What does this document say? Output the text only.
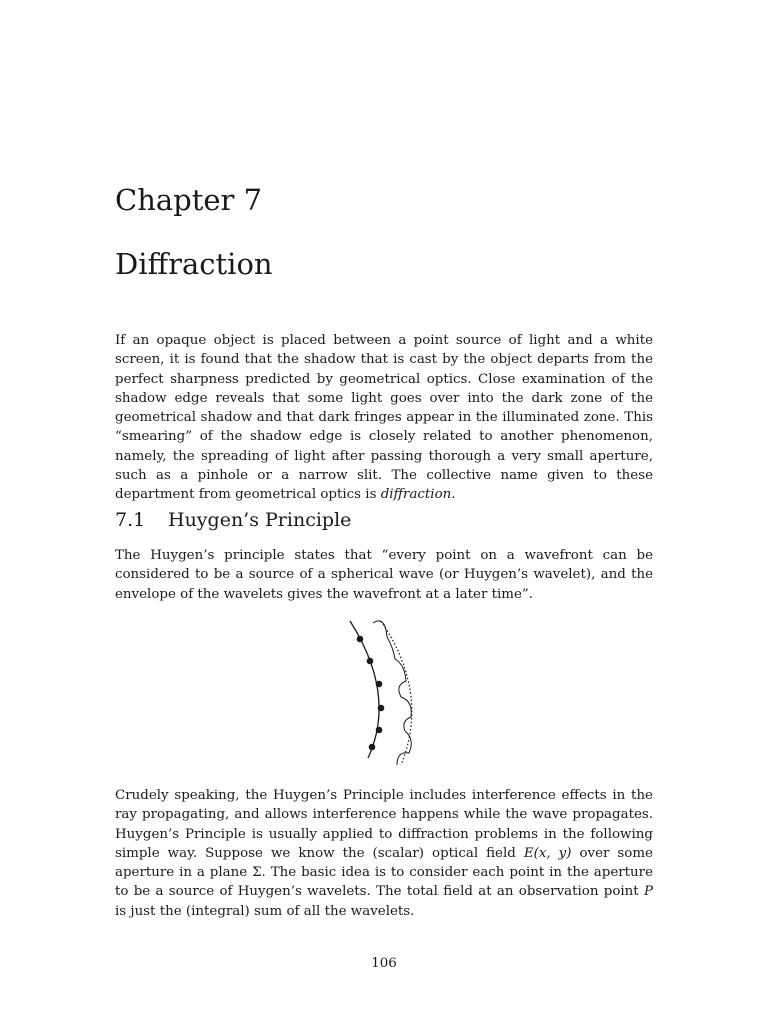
Chapter 7
Diffraction

If an opaque object is placed between a point source of light and a white screen, it is found that the shadow that is cast by the object departs from the perfect sharpness predicted by geometrical optics. Close examination of the shadow edge reveals that some light goes over into the dark zone of the geometrical shadow and that dark fringes appear in the illuminated zone. This “smearing” of the shadow edge is closely related to another phenomenon, namely, the spreading of light after passing thorough a very small aperture, such as a pinhole or a narrow slit. The collective name given to these department from geometrical optics is diffraction.

7.1 Huygen’s Principle

The Huygen’s principle states that “every point on a wavefront can be considered to be a source of a spherical wave (or Huygen’s wavelet), and the envelope of the wavelets gives the wavefront at a later time”.

Crudely speaking, the Huygen’s Principle includes interference effects in the ray propagating, and allows interference happens while the wave propagates. Huygen’s Principle is usually applied to diffraction problems in the following simple way. Suppose we know the (scalar) optical field E(x, y) over some aperture in a plane Σ. The basic idea is to consider each point in the aperture to be a source of Huygen’s wavelets. The total field at an observation point P is just the (integral) sum of all the wavelets.

106
